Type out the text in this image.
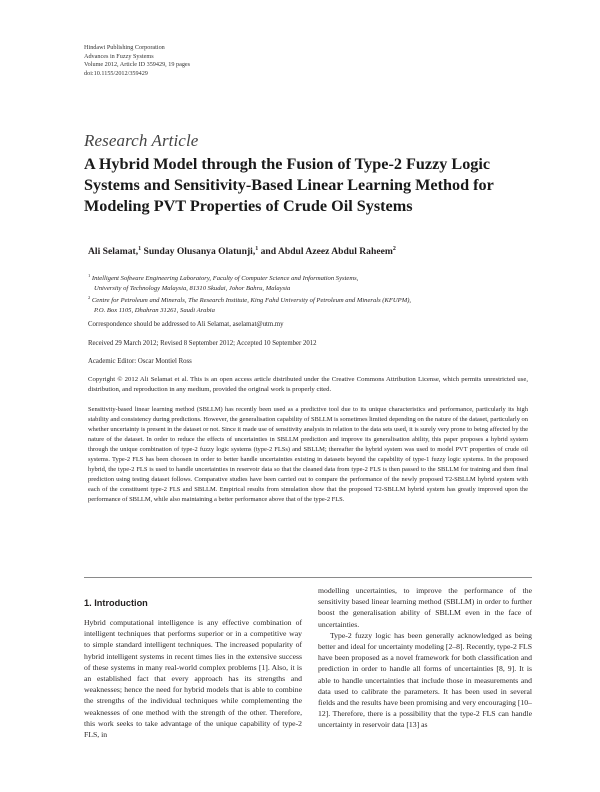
Hindawi Publishing Corporation
Advances in Fuzzy Systems
Volume 2012, Article ID 359429, 19 pages
doi:10.1155/2012/359429
Research Article
A Hybrid Model through the Fusion of Type-2 Fuzzy Logic
Systems and Sensitivity-Based Linear Learning Method for
Modeling PVT Properties of Crude Oil Systems
Ali Selamat,$^1$ Sunday Olusanya Olatunji,$^1$ and Abdul Azeez Abdul Raheem$^2$
$^1$ Intelligent Software Engineering Laboratory, Faculty of Computer Science and Information Systems,
University of Technology Malaysia, 81310 Skudai, Johor Bahru, Malaysia
$^2$ Centre for Petroleum and Minerals, The Research Institute, King Fahd University of Petroleum and Minerals (KFUPM),
P.O. Box 1105, Dhahran 31261, Saudi Arabia
Correspondence should be addressed to Ali Selamat, aselamat@utm.my
Received 29 March 2012; Revised 8 September 2012; Accepted 10 September 2012
Academic Editor: Oscar Montiel Ross
Copyright © 2012 Ali Selamat et al. This is an open access article distributed under the Creative Commons Attribution License, which permits unrestricted use, distribution, and reproduction in any medium, provided the original work is properly cited.
Sensitivity-based linear learning method (SBLLM) has recently been used as a predictive tool due to its unique characteristics and performance, particularly its high stability and consistency during predictions. However, the generalisation capability of SBLLM is sometimes limited depending on the nature of the dataset, particularly on whether uncertainty is present in the dataset or not. Since it made use of sensitivity analysis in relation to the data sets used, it is surely very prone to being affected by the nature of the dataset. In order to reduce the effects of uncertainties in SBLLM prediction and improve its generalisation ability, this paper proposes a hybrid system through the unique combination of type-2 fuzzy logic systems (type-2 FLSs) and SBLLM; thereafter the hybrid system was used to model PVT properties of crude oil systems. Type-2 FLS has been choosen in order to better handle uncertainties existing in datasets beyond the capability of type-1 fuzzy logic systems. In the proposed hybrid, the type-2 FLS is used to handle uncertainties in reservoir data so that the cleaned data from type-2 FLS is then passed to the SBLLM for training and then final prediction using testing dataset follows. Comparative studies have been carried out to compare the performance of the newly proposed T2-SBLLM hybrid system with each of the constituent type-2 FLS and SBLLM. Empirical results from simulation show that the proposed T2-SBLLM hybrid system has greatly improved upon the performance of SBLLM, while also maintaining a better performance above that of the type-2 FLS.
1. Introduction

Hybrid computational intelligence is any effective combination of intelligent techniques that performs superior or in a competitive way to simple standard intelligent techniques. The increased popularity of hybrid intelligent systems in recent times lies in the extensive success of these systems in many real-world complex problems [1]. Also, it is an established fact that every approach has its strengths and weaknesses; hence the need for hybrid models that is able to combine the strengths of the individual techniques while complementing the weaknesses of one method with the strength of the other. Therefore, this work seeks to take advantage of the unique capability of type-2 FLS, in

modelling uncertainties, to improve the performance of the sensitivity based linear learning method (SBLLM) in order to further boost the generalisation ability of SBLLM even in the face of uncertainties.

Type-2 fuzzy logic has been generally acknowledged as being better and ideal for uncertainty modeling [2–8]. Recently, type-2 FLS have been proposed as a novel framework for both classification and prediction in order to handle all forms of uncertainties [8, 9]. It is able to handle uncertainties that include those in measurements and data used to calibrate the parameters. It has been used in several fields and the results have been promising and very encouraging [10–12]. Therefore, there is a possibility that the type-2 FLS can handle uncertainty in reservoir data [13] as
